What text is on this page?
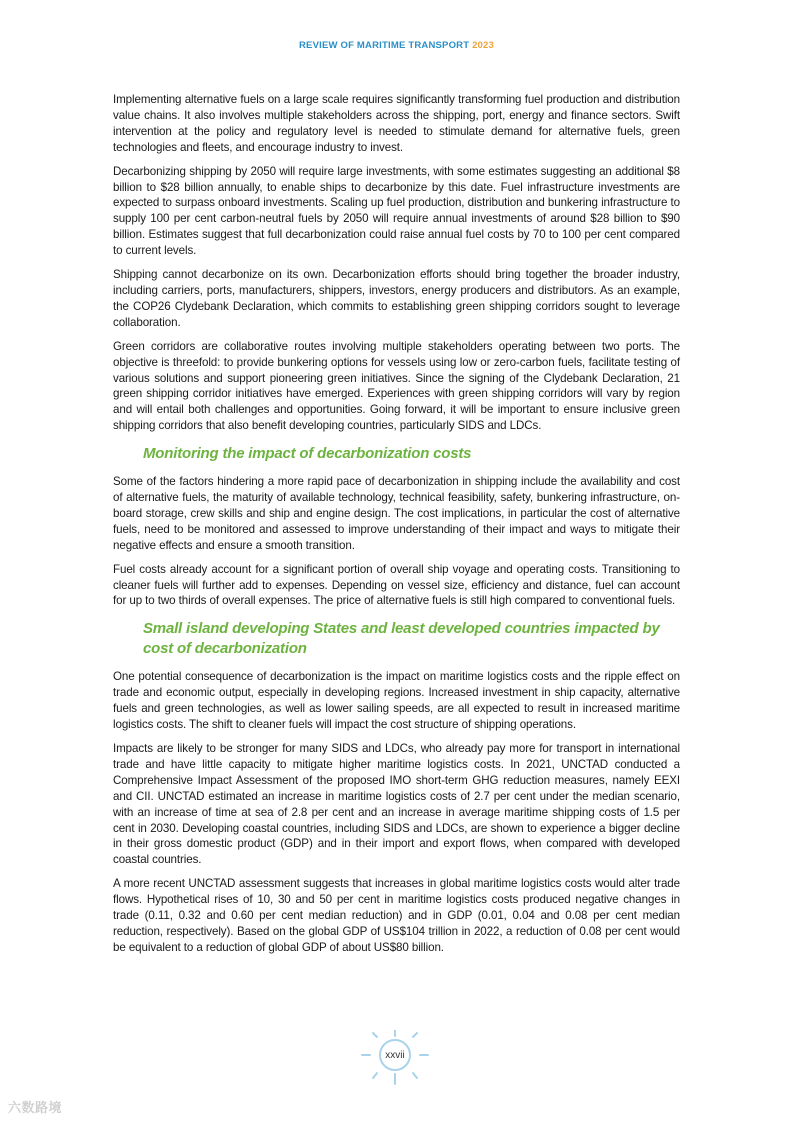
REVIEW OF MARITIME TRANSPORT 2023

Implementing alternative fuels on a large scale requires significantly transforming fuel production and distribution value chains. It also involves multiple stakeholders across the shipping, port, energy and finance sectors. Swift intervention at the policy and regulatory level is needed to stimulate demand for alternative fuels, green technologies and fleets, and encourage industry to invest.

Decarbonizing shipping by 2050 will require large investments, with some estimates suggesting an additional $8 billion to $28 billion annually, to enable ships to decarbonize by this date. Fuel infrastructure investments are expected to surpass onboard investments. Scaling up fuel production, distribution and bunkering infrastructure to supply 100 per cent carbon-neutral fuels by 2050 will require annual investments of around $28 billion to $90 billion. Estimates suggest that full decarbonization could raise annual fuel costs by 70 to 100 per cent compared to current levels.

Shipping cannot decarbonize on its own. Decarbonization efforts should bring together the broader industry, including carriers, ports, manufacturers, shippers, investors, energy producers and distributors. As an example, the COP26 Clydebank Declaration, which commits to establishing green shipping corridors sought to leverage collaboration.

Green corridors are collaborative routes involving multiple stakeholders operating between two ports. The objective is threefold: to provide bunkering options for vessels using low or zero-carbon fuels, facilitate testing of various solutions and support pioneering green initiatives. Since the signing of the Clydebank Declaration, 21 green shipping corridor initiatives have emerged. Experiences with green shipping corridors will vary by region and will entail both challenges and opportunities. Going forward, it will be important to ensure inclusive green shipping corridors that also benefit developing countries, particularly SIDS and LDCs.

Monitoring the impact of decarbonization costs

Some of the factors hindering a more rapid pace of decarbonization in shipping include the availability and cost of alternative fuels, the maturity of available technology, technical feasibility, safety, bunkering infrastructure, on-board storage, crew skills and ship and engine design. The cost implications, in particular the cost of alternative fuels, need to be monitored and assessed to improve understanding of their impact and ways to mitigate their negative effects and ensure a smooth transition.

Fuel costs already account for a significant portion of overall ship voyage and operating costs. Transitioning to cleaner fuels will further add to expenses. Depending on vessel size, efficiency and distance, fuel can account for up to two thirds of overall expenses. The price of alternative fuels is still high compared to conventional fuels.

Small island developing States and least developed countries impacted by cost of decarbonization

One potential consequence of decarbonization is the impact on maritime logistics costs and the ripple effect on trade and economic output, especially in developing regions. Increased investment in ship capacity, alternative fuels and green technologies, as well as lower sailing speeds, are all expected to result in increased maritime logistics costs. The shift to cleaner fuels will impact the cost structure of shipping operations.

Impacts are likely to be stronger for many SIDS and LDCs, who already pay more for transport in international trade and have little capacity to mitigate higher maritime logistics costs. In 2021, UNCTAD conducted a Comprehensive Impact Assessment of the proposed IMO short-term GHG reduction measures, namely EEXI and CII. UNCTAD estimated an increase in maritime logistics costs of 2.7 per cent under the median scenario, with an increase of time at sea of 2.8 per cent and an increase in average maritime shipping costs of 1.5 per cent in 2030. Developing coastal countries, including SIDS and LDCs, are shown to experience a bigger decline in their gross domestic product (GDP) and in their import and export flows, when compared with developed coastal countries.

A more recent UNCTAD assessment suggests that increases in global maritime logistics costs would alter trade flows. Hypothetical rises of 10, 30 and 50 per cent in maritime logistics costs produced negative changes in trade (0.11, 0.32 and 0.60 per cent median reduction) and in GDP (0.01, 0.04 and 0.08 per cent median reduction, respectively). Based on the global GDP of US$104 trillion in 2022, a reduction of 0.08 per cent would be equivalent to a reduction of global GDP of about US$80 billion.

xxvii
六数路境
